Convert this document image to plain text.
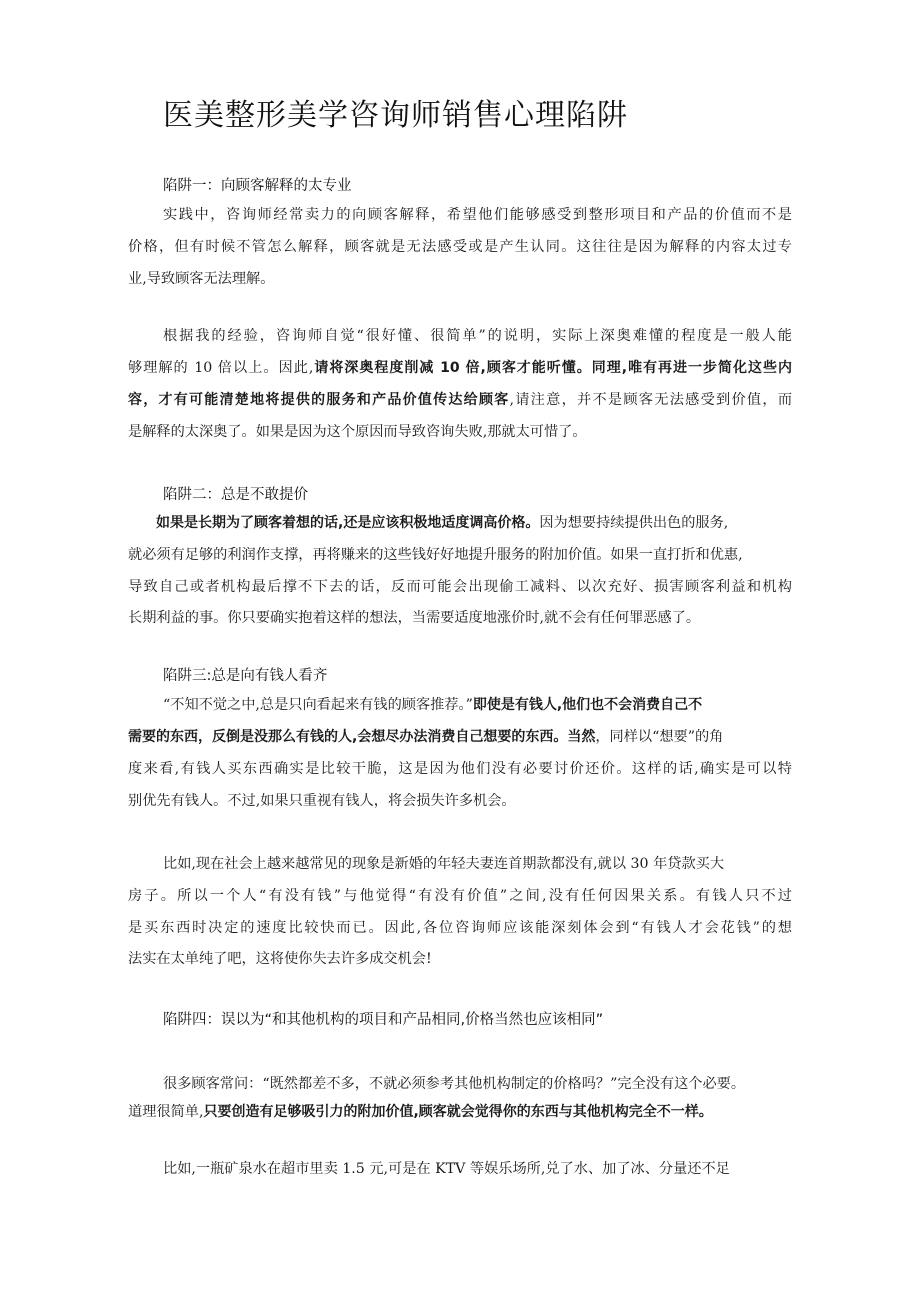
医美整形美学咨询师销售心理陷阱
陷阱一：向顾客解释的太专业
实践中，咨询师经常卖力的向顾客解释，希望他们能够感受到整形项目和产品的价值而不是
价格，但有时候不管怎么解释，顾客就是无法感受或是产生认同。这往往是因为解释的内容太过专
业,导致顾客无法理解。
根据我的经验，咨询师自觉“很好懂、很简单”的说明，实际上深奥难懂的程度是一般人能
够理解的 10 倍以上。因此,请将深奥程度削减 10 倍,顾客才能听懂。同理,唯有再进一步简化这些内
容，才有可能清楚地将提供的服务和产品价值传达给顾客,请注意，并不是顾客无法感受到价值，而
是解释的太深奥了。如果是因为这个原因而导致咨询失败,那就太可惜了。
陷阱二：总是不敢提价
如果是长期为了顾客着想的话,还是应该积极地适度调高价格。因为想要持续提供出色的服务,
就必须有足够的利润作支撑，再将赚来的这些钱好好地提升服务的附加价值。如果一直打折和优惠,
导致自己或者机构最后撑不下去的话，反而可能会出现偷工减料、以次充好、损害顾客利益和机构
长期利益的事。你只要确实抱着这样的想法，当需要适度地涨价时,就不会有任何罪恶感了。
陷阱三:总是向有钱人看齐
“不知不觉之中,总是只向看起来有钱的顾客推荐。”即使是有钱人,他们也不会消费自己不
需要的东西，反倒是没那么有钱的人,会想尽办法消费自己想要的东西。当然，同样以“想要”的角
度来看,有钱人买东西确实是比较干脆，这是因为他们没有必要讨价还价。这样的话,确实是可以特
别优先有钱人。不过,如果只重视有钱人，将会损失许多机会。
比如,现在社会上越来越常见的现象是新婚的年轻夫妻连首期款都没有,就以 30 年贷款买大
房子。所以一个人“有没有钱”与他觉得“有没有价值”之间,没有任何因果关系。有钱人只不过
是买东西时决定的速度比较快而已。因此,各位咨询师应该能深刻体会到“有钱人才会花钱”的想
法实在太单纯了吧，这将使你失去许多成交机会!
陷阱四：误以为“和其他机构的项目和产品相同,价格当然也应该相同”
很多顾客常问：“既然都差不多，不就必须参考其他机构制定的价格吗？”完全没有这个必要。
道理很简单,只要创造有足够吸引力的附加价值,顾客就会觉得你的东西与其他机构完全不一样。
比如,一瓶矿泉水在超市里卖 1.5 元,可是在 KTV 等娱乐场所,兑了水、加了冰、分量还不足
